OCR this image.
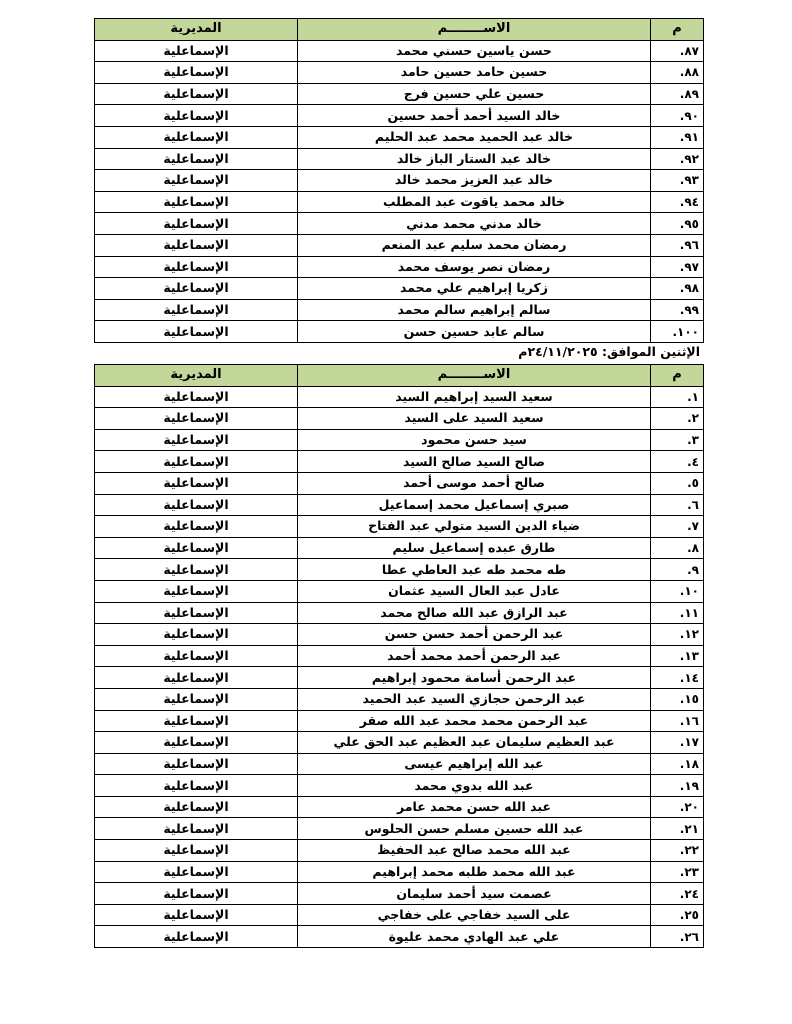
م	الاســــــــم	المديرية
٨٧.	حسن ياسين حسني محمد	الإسماعلية
٨٨.	حسين حامد حسين حامد	الإسماعلية
٨٩.	حسين علي حسين فرج	الإسماعلية
٩٠.	خالد السيد أحمد أحمد حسين	الإسماعلية
٩١.	خالد عبد الحميد محمد عبد الحليم	الإسماعلية
٩٢.	خالد عبد الستار الباز خالد	الإسماعلية
٩٣.	خالد عبد العزيز محمد خالد	الإسماعلية
٩٤.	خالد محمد ياقوت عبد المطلب	الإسماعلية
٩٥.	خالد مدني محمد مدني	الإسماعلية
٩٦.	رمضان محمد سليم عبد المنعم	الإسماعلية
٩٧.	رمضان نصر يوسف محمد	الإسماعلية
٩٨.	زكريا إبراهيم علي محمد	الإسماعلية
٩٩.	سالم إبراهيم سالم محمد	الإسماعلية
١٠٠.	سالم عابد حسين حسن	الإسماعلية
الإثنين الموافق: ٢٤/١١/٢٠٢٥م
م	الاســــــــم	المديرية
١.	سعيد السيد إبراهيم السيد	الإسماعلية
٢.	سعيد السيد على السيد	الإسماعلية
٣.	سيد حسن محمود	الإسماعلية
٤.	صالح السيد صالح السيد	الإسماعلية
٥.	صالح أحمد موسى أحمد	الإسماعلية
٦.	صبري إسماعيل محمد إسماعيل	الإسماعلية
٧.	ضياء الدين السيد متولي عبد الفتاح	الإسماعلية
٨.	طارق عبده إسماعيل سليم	الإسماعلية
٩.	طه محمد طه عبد العاطي عطا	الإسماعلية
١٠.	عادل عبد العال السيد عثمان	الإسماعلية
١١.	عبد الرازق عبد الله صالح محمد	الإسماعلية
١٢.	عبد الرحمن أحمد حسن حسن	الإسماعلية
١٣.	عبد الرحمن أحمد محمد أحمد	الإسماعلية
١٤.	عبد الرحمن أسامة محمود إبراهيم	الإسماعلية
١٥.	عبد الرحمن حجازي السيد عبد الحميد	الإسماعلية
١٦.	عبد الرحمن محمد محمد عبد الله صقر	الإسماعلية
١٧.	عبد العظيم سليمان عبد العظيم عبد الحق علي	الإسماعلية
١٨.	عبد الله إبراهيم عيسى	الإسماعلية
١٩.	عبد الله بدوي محمد	الإسماعلية
٢٠.	عبد الله حسن محمد عامر	الإسماعلية
٢١.	عبد الله حسين مسلم حسن الحلوس	الإسماعلية
٢٢.	عبد الله محمد صالح عبد الحفيظ	الإسماعلية
٢٣.	عبد الله محمد طلبه محمد إبراهيم	الإسماعلية
٢٤.	عصمت سيد أحمد سليمان	الإسماعلية
٢٥.	على السيد خفاجي على خفاجي	الإسماعلية
٢٦.	علي عبد الهادي محمد عليوة	الإسماعلية
